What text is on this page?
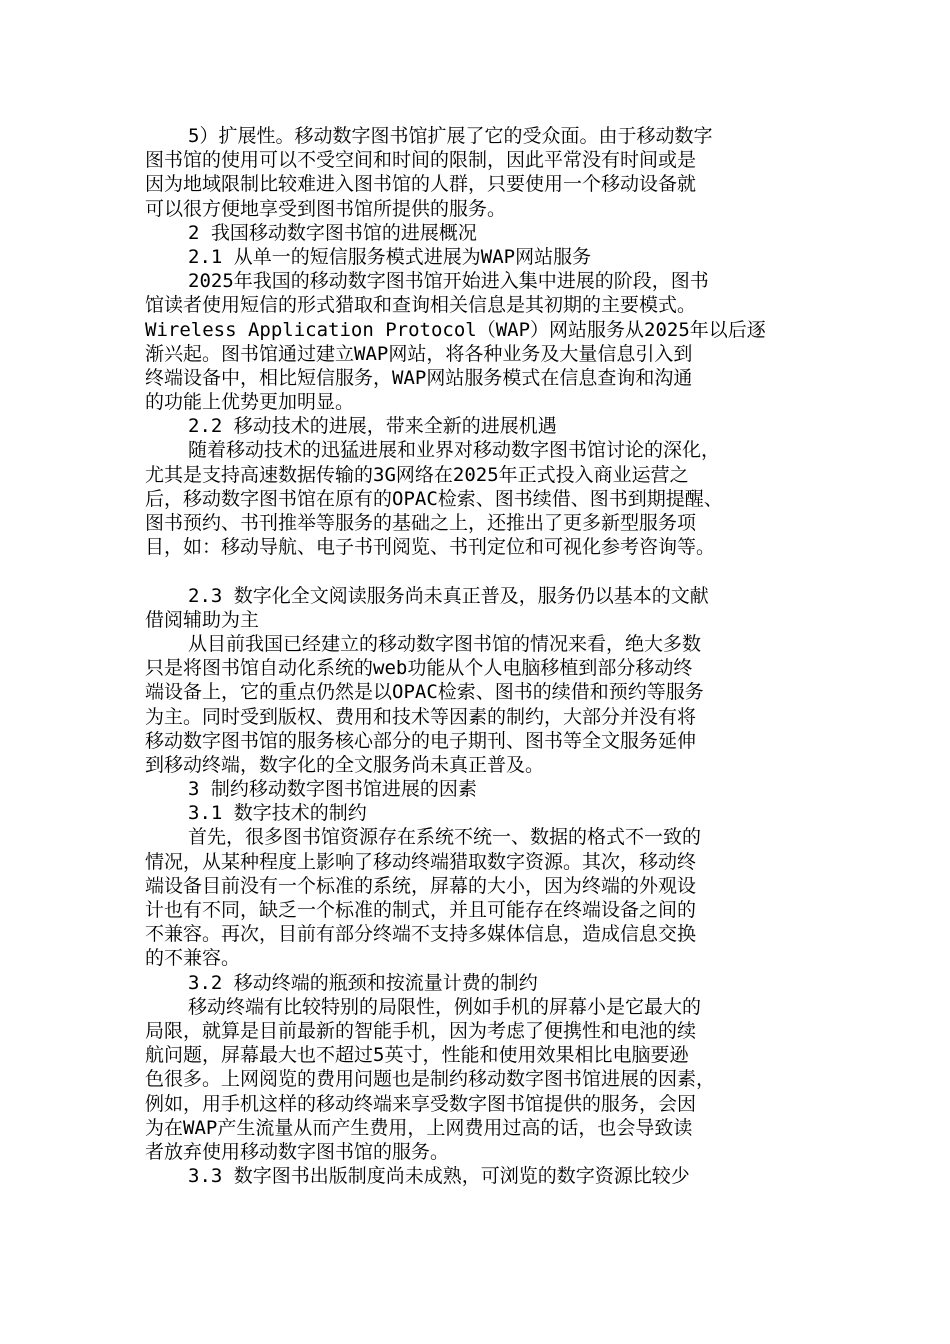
5）扩展性。移动数字图书馆扩展了它的受众面。由于移动数字
图书馆的使用可以不受空间和时间的限制，因此平常没有时间或是
因为地域限制比较难进入图书馆的人群，只要使用一个移动设备就
可以很方便地享受到图书馆所提供的服务。
2 我国移动数字图书馆的进展概况
2.1 从单一的短信服务模式进展为WAP网站服务
2025年我国的移动数字图书馆开始进入集中进展的阶段，图书
馆读者使用短信的形式猎取和查询相关信息是其初期的主要模式。
Wireless Application Protocol（WAP）网站服务从2025年以后逐
渐兴起。图书馆通过建立WAP网站，将各种业务及大量信息引入到
终端设备中，相比短信服务，WAP网站服务模式在信息查询和沟通
的功能上优势更加明显。
2.2 移动技术的进展，带来全新的进展机遇
随着移动技术的迅猛进展和业界对移动数字图书馆讨论的深化，
尤其是支持高速数据传输的3G网络在2025年正式投入商业运营之
后，移动数字图书馆在原有的OPAC检索、图书续借、图书到期提醒、
图书预约、书刊推举等服务的基础之上，还推出了更多新型服务项
目，如：移动导航、电子书刊阅览、书刊定位和可视化参考咨询等。
2.3 数字化全文阅读服务尚未真正普及，服务仍以基本的文献
借阅辅助为主
从目前我国已经建立的移动数字图书馆的情况来看，绝大多数
只是将图书馆自动化系统的web功能从个人电脑移植到部分移动终
端设备上，它的重点仍然是以OPAC检索、图书的续借和预约等服务
为主。同时受到版权、费用和技术等因素的制约，大部分并没有将
移动数字图书馆的服务核心部分的电子期刊、图书等全文服务延伸
到移动终端，数字化的全文服务尚未真正普及。
3 制约移动数字图书馆进展的因素
3.1 数字技术的制约
首先，很多图书馆资源存在系统不统一、数据的格式不一致的
情况，从某种程度上影响了移动终端猎取数字资源。其次，移动终
端设备目前没有一个标准的系统，屏幕的大小，因为终端的外观设
计也有不同，缺乏一个标准的制式，并且可能存在终端设备之间的
不兼容。再次，目前有部分终端不支持多媒体信息，造成信息交换
的不兼容。
3.2 移动终端的瓶颈和按流量计费的制约
移动终端有比较特别的局限性，例如手机的屏幕小是它最大的
局限，就算是目前最新的智能手机，因为考虑了便携性和电池的续
航问题，屏幕最大也不超过5英寸，性能和使用效果相比电脑要逊
色很多。上网阅览的费用问题也是制约移动数字图书馆进展的因素，
例如，用手机这样的移动终端来享受数字图书馆提供的服务，会因
为在WAP产生流量从而产生费用，上网费用过高的话，也会导致读
者放弃使用移动数字图书馆的服务。
3.3 数字图书出版制度尚未成熟，可浏览的数字资源比较少
